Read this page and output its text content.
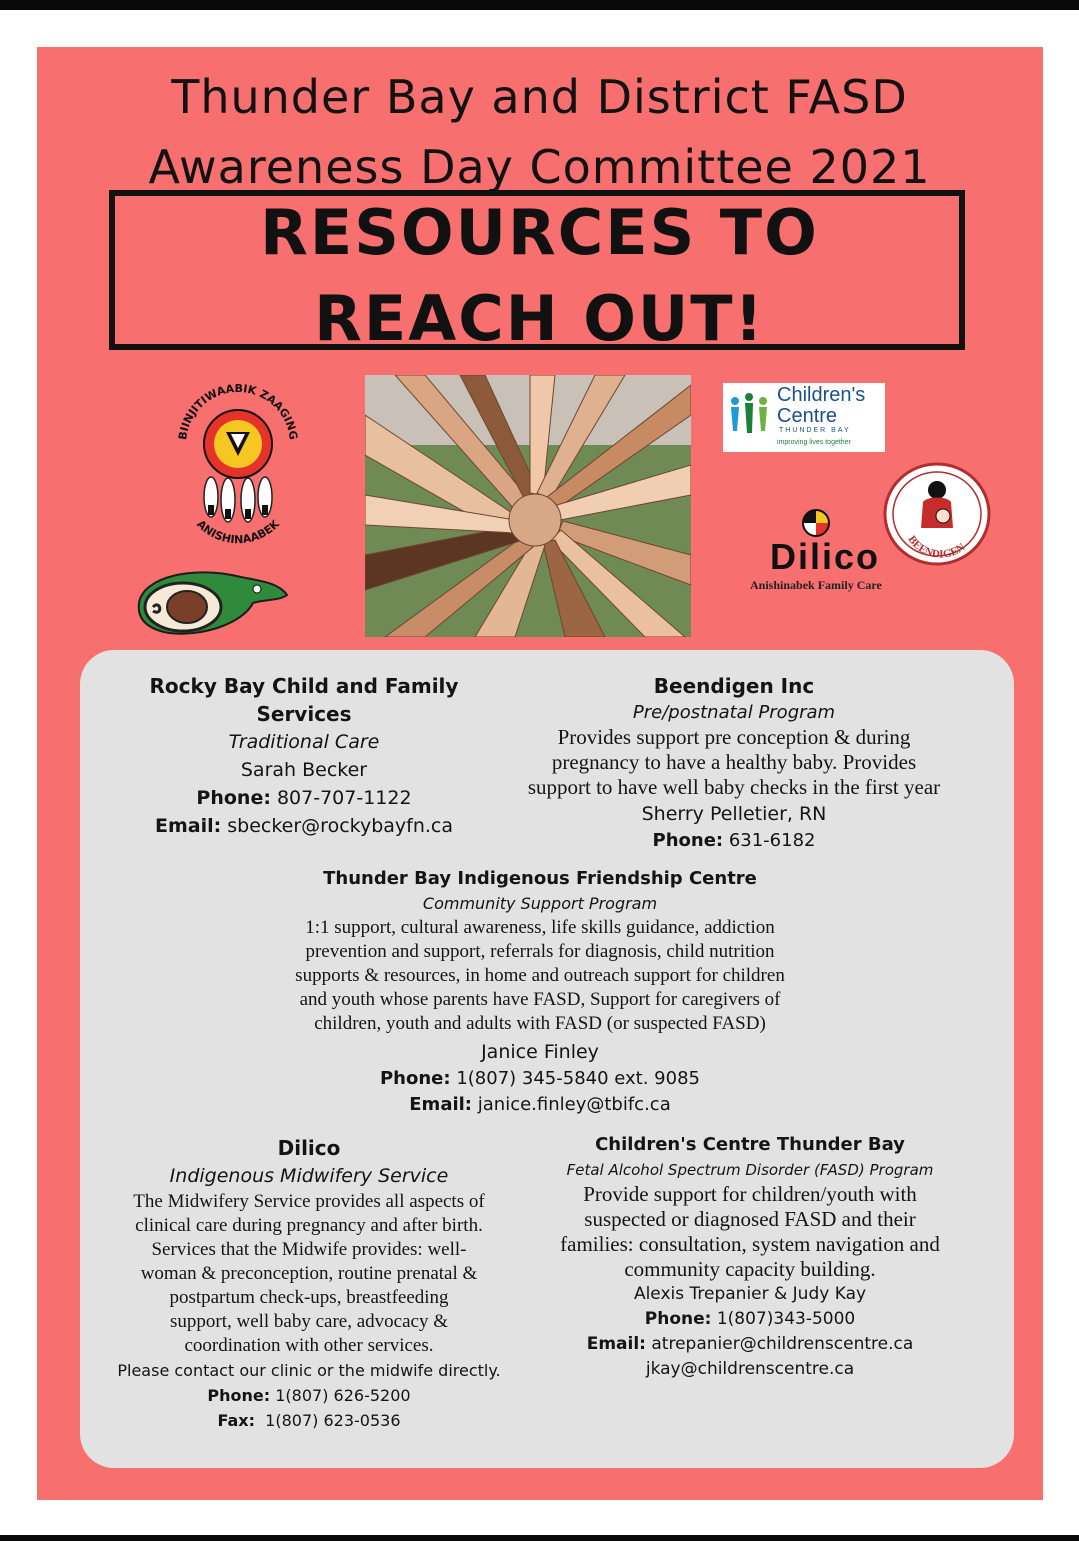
Thunder Bay and District FASD
Awareness Day Committee 2021
RESOURCES TO
REACH OUT!
BIINJITIWAABIK ZAAGING
ANISHINAABEK
Children's
Centre
THUNDER BAY
improving lives together
Dilico
Anishinabek Family Care
BEENDIGEN
Rocky Bay Child and Family
Services
Traditional Care
Sarah Becker
Phone: 807-707-1122
Email: sbecker@rockybayfn.ca
Beendigen Inc
Pre/postnatal Program
Provides support pre conception & during
pregnancy to have a healthy baby. Provides
support to have well baby checks in the first year
Sherry Pelletier, RN
Phone: 631-6182
Thunder Bay Indigenous Friendship Centre
Community Support Program
1:1 support, cultural awareness, life skills guidance, addiction
prevention and support, referrals for diagnosis, child nutrition
supports & resources, in home and outreach support for children
and youth whose parents have FASD, Support for caregivers of
children, youth and adults with FASD (or suspected FASD)
Janice Finley
Phone: 1(807) 345-5840 ext. 9085
Email: janice.finley@tbifc.ca
Dilico
Indigenous Midwifery Service
The Midwifery Service provides all aspects of
clinical care during pregnancy and after birth.
Services that the Midwife provides: well-
woman & preconception, routine prenatal &
postpartum check-ups, breastfeeding
support, well baby care, advocacy &
coordination with other services.
Please contact our clinic or the midwife directly.
Phone: 1(807) 626-5200
Fax: 1(807) 623-0536
Children's Centre Thunder Bay
Fetal Alcohol Spectrum Disorder (FASD) Program
Provide support for children/youth with
suspected or diagnosed FASD and their
families: consultation, system navigation and
community capacity building.
Alexis Trepanier & Judy Kay
Phone: 1(807)343-5000
Email: atrepanier@childrenscentre.ca
jkay@childrenscentre.ca
